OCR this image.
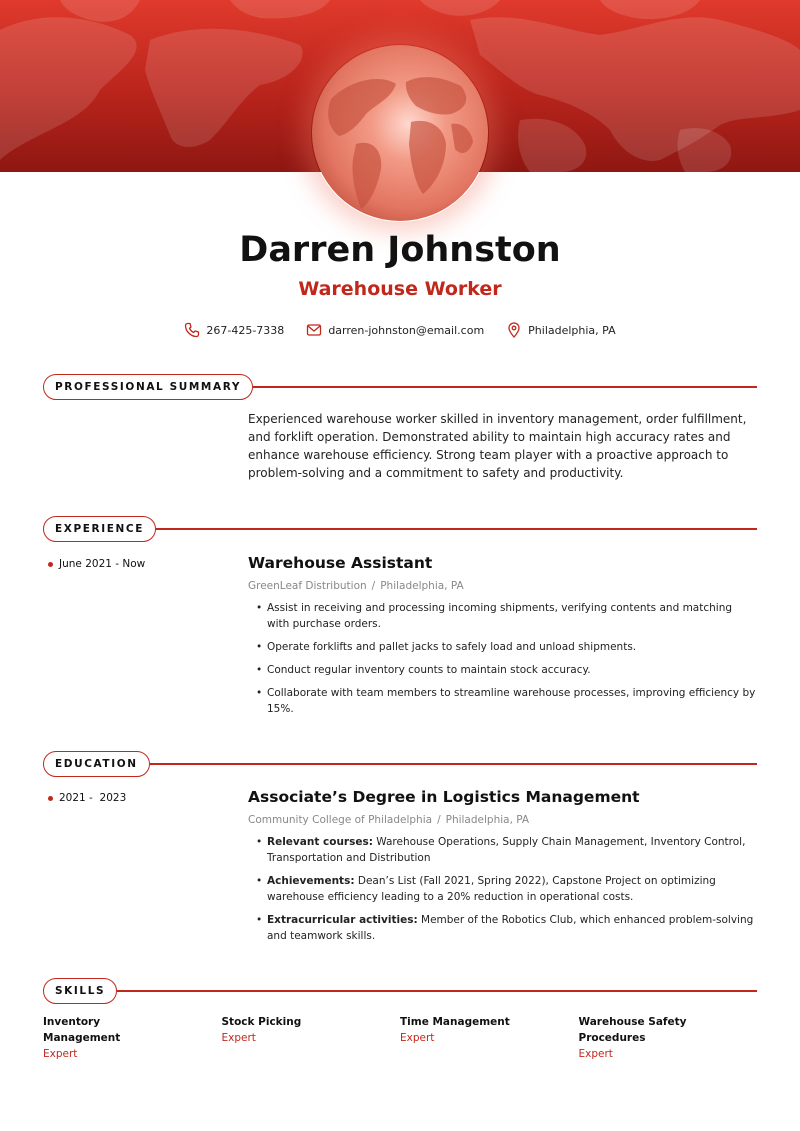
Darren Johnston
Warehouse Worker
267-425-7338	darren-johnston@email.com	Philadelphia, PA
PROFESSIONAL SUMMARY
Experienced warehouse worker skilled in inventory management, order fulfillment, and forklift operation. Demonstrated ability to maintain high accuracy rates and enhance warehouse efficiency. Strong team player with a proactive approach to problem-solving and a commitment to safety and productivity.
EXPERIENCE
June 2021 - Now	Warehouse Assistant
GreenLeaf Distribution / Philadelphia, PA
• Assist in receiving and processing incoming shipments, verifying contents and matching with purchase orders.
• Operate forklifts and pallet jacks to safely load and unload shipments.
• Conduct regular inventory counts to maintain stock accuracy.
• Collaborate with team members to streamline warehouse processes, improving efficiency by 15%.
EDUCATION
2021 -  2023	Associate’s Degree in Logistics Management
Community College of Philadelphia / Philadelphia, PA
• Relevant courses: Warehouse Operations, Supply Chain Management, Inventory Control, Transportation and Distribution
• Achievements: Dean’s List (Fall 2021, Spring 2022), Capstone Project on optimizing warehouse efficiency leading to a 20% reduction in operational costs.
• Extracurricular activities: Member of the Robotics Club, which enhanced problem-solving and teamwork skills.
SKILLS
Inventory Management
Expert
Stock Picking
Expert
Time Management
Expert
Warehouse Safety Procedures
Expert
